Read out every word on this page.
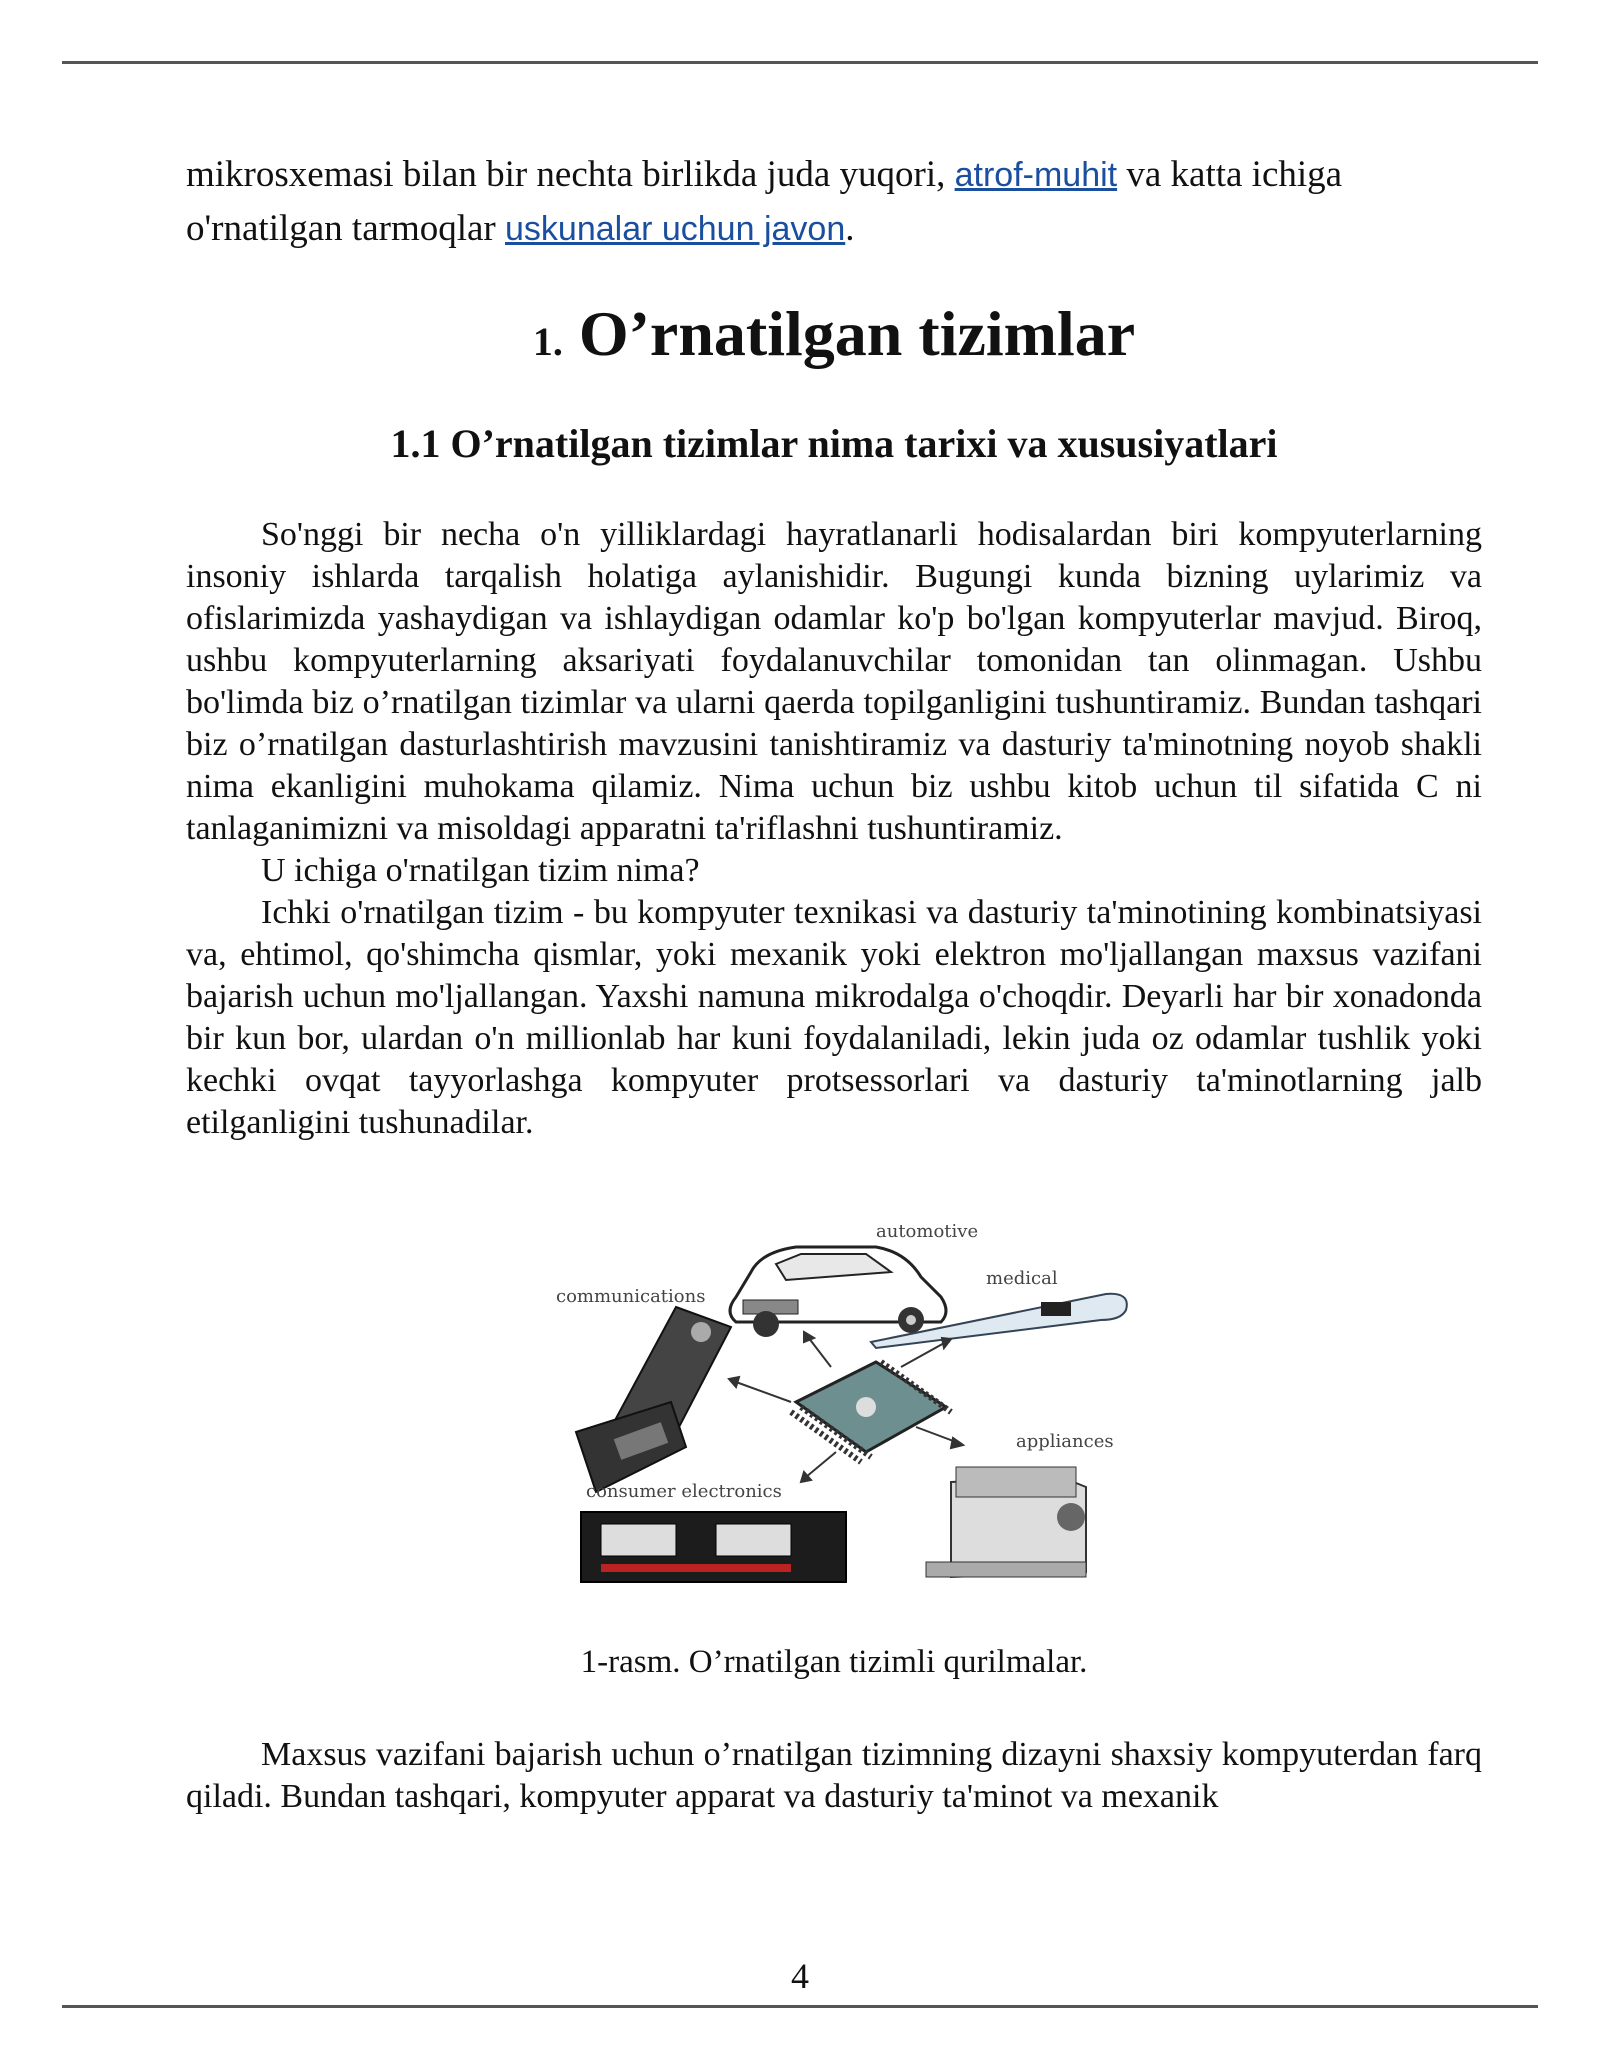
mikrosxemasi bilan bir nechta birlikda juda yuqori, atrof-muhit va katta ichiga o'rnatilgan tarmoqlar uskunalar uchun javon.

1. O’rnatilgan tizimlar
1.1 O’rnatilgan tizimlar nima tarixi va xususiyatlari

So'nggi bir necha o'n yilliklardagi hayratlanarli hodisalardan biri kompyuterlarning insoniy ishlarda tarqalish holatiga aylanishidir. Bugungi kunda bizning uylarimiz va ofislarimizda yashaydigan va ishlaydigan odamlar ko'p bo'lgan kompyuterlar mavjud. Biroq, ushbu kompyuterlarning aksariyati foydalanuvchilar tomonidan tan olinmagan. Ushbu bo'limda biz o’rnatilgan tizimlar va ularni qaerda topilganligini tushuntiramiz. Bundan tashqari biz o’rnatilgan dasturlashtirish mavzusini tanishtiramiz va dasturiy ta'minotning noyob shakli nima ekanligini muhokama qilamiz. Nima uchun biz ushbu kitob uchun til sifatida C ni tanlaganimizni va misoldagi apparatni ta'riflashni tushuntiramiz.

U ichiga o'rnatilgan tizim nima?

Ichki o'rnatilgan tizim - bu kompyuter texnikasi va dasturiy ta'minotining kombinatsiyasi va, ehtimol, qo'shimcha qismlar, yoki mexanik yoki elektron mo'ljallangan maxsus vazifani bajarish uchun mo'ljallangan. Yaxshi namuna mikrodalga o'choqdir. Deyarli har bir xonadonda bir kun bor, ulardan o'n millionlab har kuni foydalaniladi, lekin juda oz odamlar tushlik yoki kechki ovqat tayyorlashga kompyuter protsessorlari va dasturiy ta'minotlarning jalb etilganligini tushunadilar.

automotive
medical
communications
appliances
consumer electronics

1-rasm. O’rnatilgan tizimli qurilmalar.

Maxsus vazifani bajarish uchun o’rnatilgan tizimning dizayni shaxsiy kompyuterdan farq qiladi. Bundan tashqari, kompyuter apparat va dasturiy ta'minot va mexanik

4
